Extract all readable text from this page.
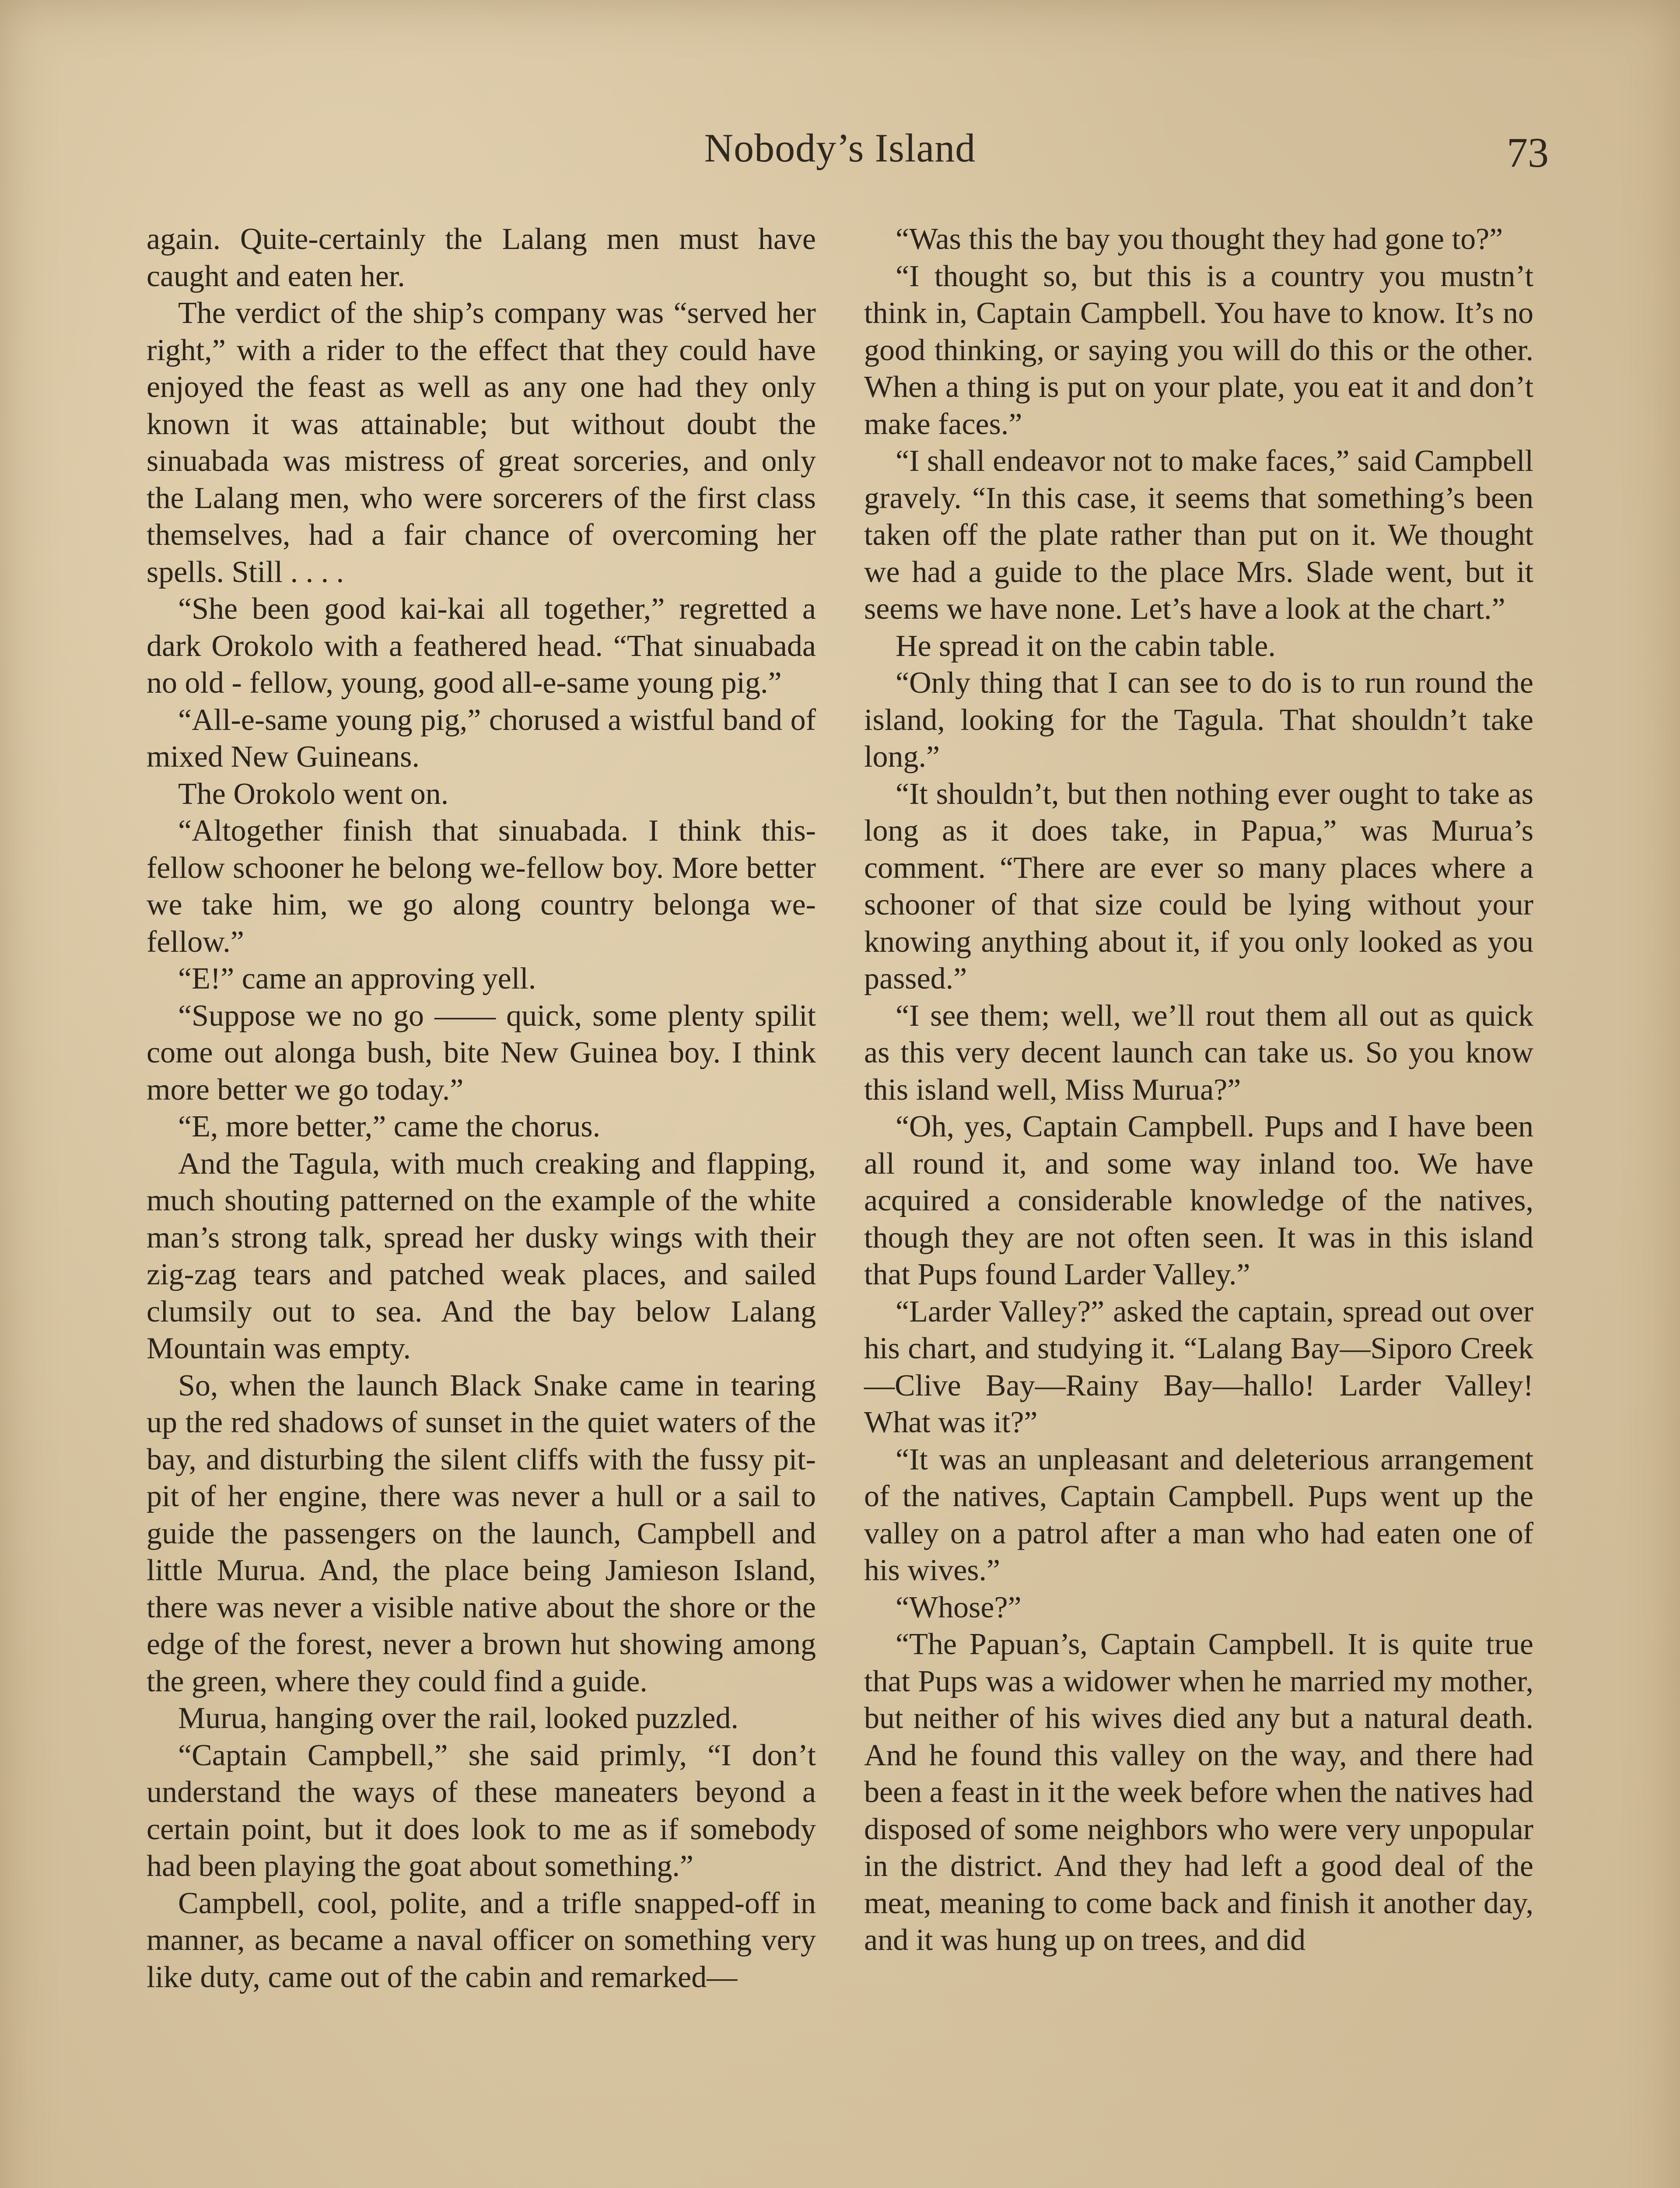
Nobody’s Island	73

again. Quite-certainly the Lalang men must have caught and eaten her.

The verdict of the ship’s company was “served her right,” with a rider to the effect that they could have enjoyed the feast as well as any one had they only known it was attainable; but without doubt the sinuabada was mistress of great sorceries, and only the Lalang men, who were sorcerers of the first class themselves, had a fair chance of overcoming her spells. Still . . . .

“She been good kai-kai all together,” regretted a dark Orokolo with a feathered head. “That sinuabada no old - fellow, young, good all-e-same young pig.”

“All-e-same young pig,” chorused a wistful band of mixed New Guineans.

The Orokolo went on.

“Altogether finish that sinuabada. I think this-fellow schooner he belong we-fellow boy. More better we take him, we go along country belonga we-fellow.”

“E!” came an approving yell.

“Suppose we no go —— quick, some plenty spilit come out alonga bush, bite New Guinea boy. I think more better we go today.”

“E, more better,” came the chorus.

And the Tagula, with much creaking and flapping, much shouting patterned on the example of the white man’s strong talk, spread her dusky wings with their zig-zag tears and patched weak places, and sailed clumsily out to sea. And the bay below Lalang Mountain was empty.

So, when the launch Black Snake came in tearing up the red shadows of sunset in the quiet waters of the bay, and disturbing the silent cliffs with the fussy pit-pit of her engine, there was never a hull or a sail to guide the passengers on the launch, Campbell and little Murua. And, the place being Jamieson Island, there was never a visible native about the shore or the edge of the forest, never a brown hut showing among the green, where they could find a guide.

Murua, hanging over the rail, looked puzzled.

“Captain Campbell,” she said primly, “I don’t understand the ways of these maneaters beyond a certain point, but it does look to me as if somebody had been playing the goat about something.”

Campbell, cool, polite, and a trifle snapped-off in manner, as became a naval officer on something very like duty, came out of the cabin and remarked—

“Was this the bay you thought they had gone to?”

“I thought so, but this is a country you mustn’t think in, Captain Campbell. You have to know. It’s no good thinking, or saying you will do this or the other. When a thing is put on your plate, you eat it and don’t make faces.”

“I shall endeavor not to make faces,” said Campbell gravely. “In this case, it seems that something’s been taken off the plate rather than put on it. We thought we had a guide to the place Mrs. Slade went, but it seems we have none. Let’s have a look at the chart.”

He spread it on the cabin table.

“Only thing that I can see to do is to run round the island, looking for the Tagula. That shouldn’t take long.”

“It shouldn’t, but then nothing ever ought to take as long as it does take, in Papua,” was Murua’s comment. “There are ever so many places where a schooner of that size could be lying without your knowing anything about it, if you only looked as you passed.”

“I see them; well, we’ll rout them all out as quick as this very decent launch can take us. So you know this island well, Miss Murua?”

“Oh, yes, Captain Campbell. Pups and I have been all round it, and some way inland too. We have acquired a considerable knowledge of the natives, though they are not often seen. It was in this island that Pups found Larder Valley.”

“Larder Valley?” asked the captain, spread out over his chart, and studying it. “Lalang Bay—Siporo Creek—Clive Bay—Rainy Bay—hallo! Larder Valley! What was it?”

“It was an unpleasant and deleterious arrangement of the natives, Captain Campbell. Pups went up the valley on a patrol after a man who had eaten one of his wives.”

“Whose?”

“The Papuan’s, Captain Campbell. It is quite true that Pups was a widower when he married my mother, but neither of his wives died any but a natural death. And he found this valley on the way, and there had been a feast in it the week before when the natives had disposed of some neighbors who were very unpopular in the district. And they had left a good deal of the meat, meaning to come back and finish it another day, and it was hung up on trees, and did
